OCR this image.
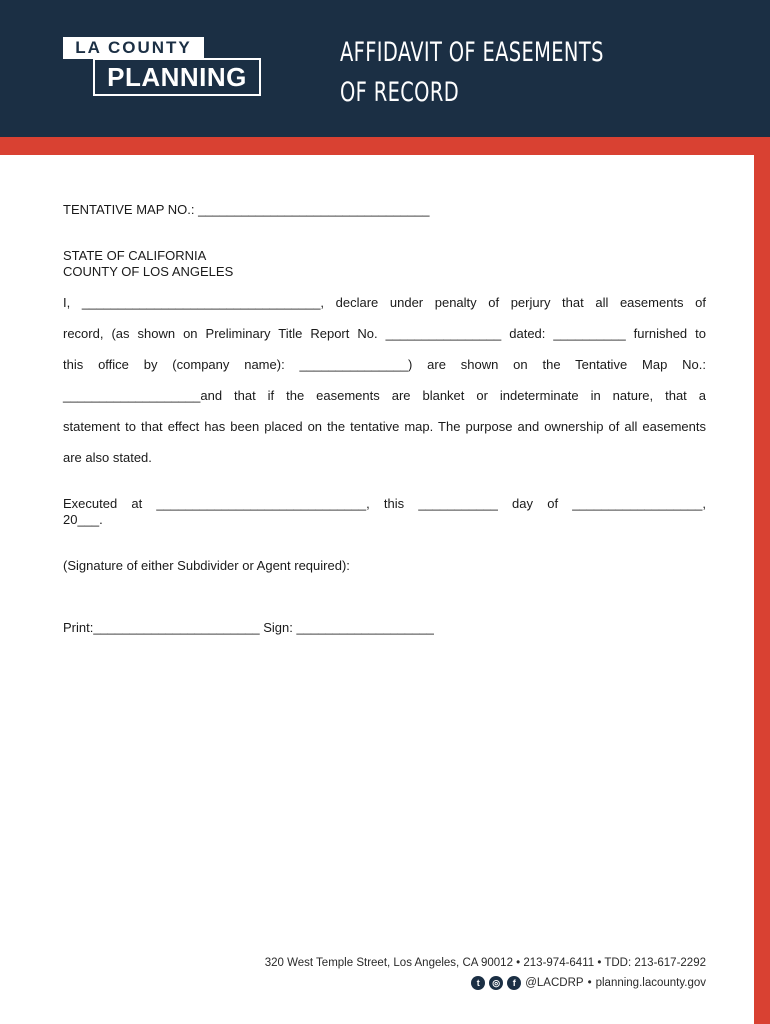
LA COUNTY
PLANNING
AFFIDAVIT OF EASEMENTS
OF RECORD
TENTATIVE MAP NO.: ________________________________
STATE OF CALIFORNIA
COUNTY OF LOS ANGELES
I, _________________________________, declare under penalty of perjury that all easements of
record, (as shown on Preliminary Title Report No. ________________ dated: __________ furnished to
this office by (company name): _______________) are shown on the Tentative Map No.:
___________________and that if the easements are blanket or indeterminate in nature, that a
statement to that effect has been placed on the tentative map. The purpose and ownership of all easements
are also stated.
Executed at _____________________________, this ___________ day of __________________,
20___.
(Signature of either Subdivider or Agent required):
Print:_______________________ Sign: ___________________
320 West Temple Street, Los Angeles, CA 90012 • 213-974-6411 • TDD: 213-617-2292
t	◎	f @LACDRP • planning.lacounty.gov
